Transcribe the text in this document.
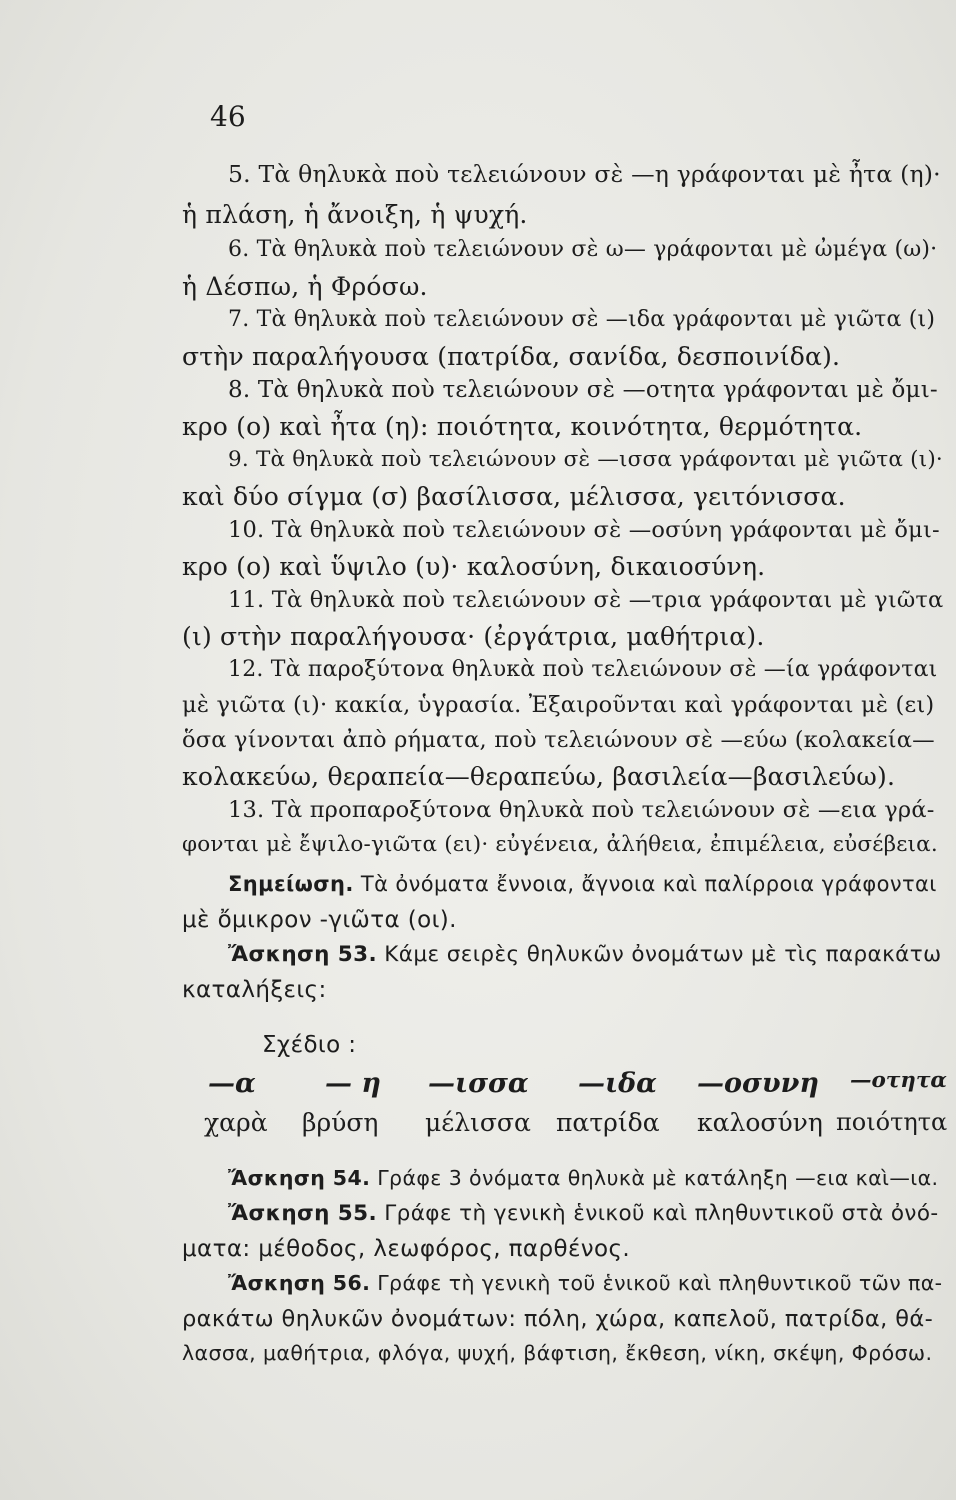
46
5. Τὰ θηλυκὰ ποὺ τελειώνουν σὲ —η γράφονται μὲ ἦτα (η)·
ἡ πλάση, ἡ ἄνοιξη, ἡ ψυχή.
6. Τὰ θηλυκὰ ποὺ τελειώνουν σὲ ω— γράφονται μὲ ὠμέγα (ω)·
ἡ Δέσπω, ἡ Φρόσω.
7. Τὰ θηλυκὰ ποὺ τελειώνουν σὲ —ιδα γράφονται μὲ γιῶτα (ι)
στὴν παραλήγουσα (πατρίδα, σανίδα, δεσποινίδα).
8. Τὰ θηλυκὰ ποὺ τελειώνουν σὲ —οτητα γράφονται μὲ ὄμι-
κρο (ο) καὶ ἦτα (η): ποιότητα, κοινότητα, θερμότητα.
9. Τὰ θηλυκὰ ποὺ τελειώνουν σὲ —ισσα γράφονται μὲ γιῶτα (ι)·
καὶ δύο σίγμα (σ) βασίλισσα, μέλισσα, γειτόνισσα.
10. Τὰ θηλυκὰ ποὺ τελειώνουν σὲ —οσύνη γράφονται μὲ ὄμι-
κρο (ο) καὶ ὕψιλο (υ)· καλοσύνη, δικαιοσύνη.
11. Τὰ θηλυκὰ ποὺ τελειώνουν σὲ —τρια γράφονται μὲ γιῶτα
(ι) στὴν παραλήγουσα· (ἐργάτρια, μαθήτρια).
12. Τὰ παροξύτονα θηλυκὰ ποὺ τελειώνουν σὲ —ία γράφονται
μὲ γιῶτα (ι)· κακία, ὑγρασία. Ἐξαιροῦνται καὶ γράφονται μὲ (ει)
ὅσα γίνονται ἀπὸ ρήματα, ποὺ τελειώνουν σὲ —εύω (κολακεία—
κολακεύω, θεραπεία—θεραπεύω, βασιλεία—βασιλεύω).
13. Τὰ προπαροξύτονα θηλυκὰ ποὺ τελειώνουν σὲ —εια γρά-
φονται μὲ ἔψιλο-γιῶτα (ει)· εὐγένεια, ἀλήθεια, ἐπιμέλεια, εὐσέβεια.
Σημείωση. Τὰ ὀνόματα ἔννοια, ἄγνοια καὶ παλίρροια γράφονται
μὲ ὄμικρον -γιῶτα (οι).
Ἄσκηση 53. Κάμε σειρὲς θηλυκῶν ὀνομάτων μὲ τὶς παρακάτω
καταλήξεις:
Σχέδιο :
—α	— η —ισσα —ιδα —οσυνη —οτητα
χαρὰ βρύση μέλισσα πατρίδα καλοσύνη ποιότητα
Ἄσκηση 54. Γράφε 3 ὀνόματα θηλυκὰ μὲ κατάληξη —εια καὶ—ια.
Ἄσκηση 55. Γράφε τὴ γενικὴ ἑνικοῦ καὶ πληθυντικοῦ στὰ ὀνό-
ματα: μέθοδος, λεωφόρος, παρθένος.
Ἄσκηση 56. Γράφε τὴ γενικὴ τοῦ ἑνικοῦ καὶ πληθυντικοῦ τῶν πα-
ρακάτω θηλυκῶν ὀνομάτων: πόλη, χώρα, καπελοῦ, πατρίδα, θά-
λασσα, μαθήτρια, φλόγα, ψυχή, βάφτιση, ἔκθεση, νίκη, σκέψη, Φρόσω.
